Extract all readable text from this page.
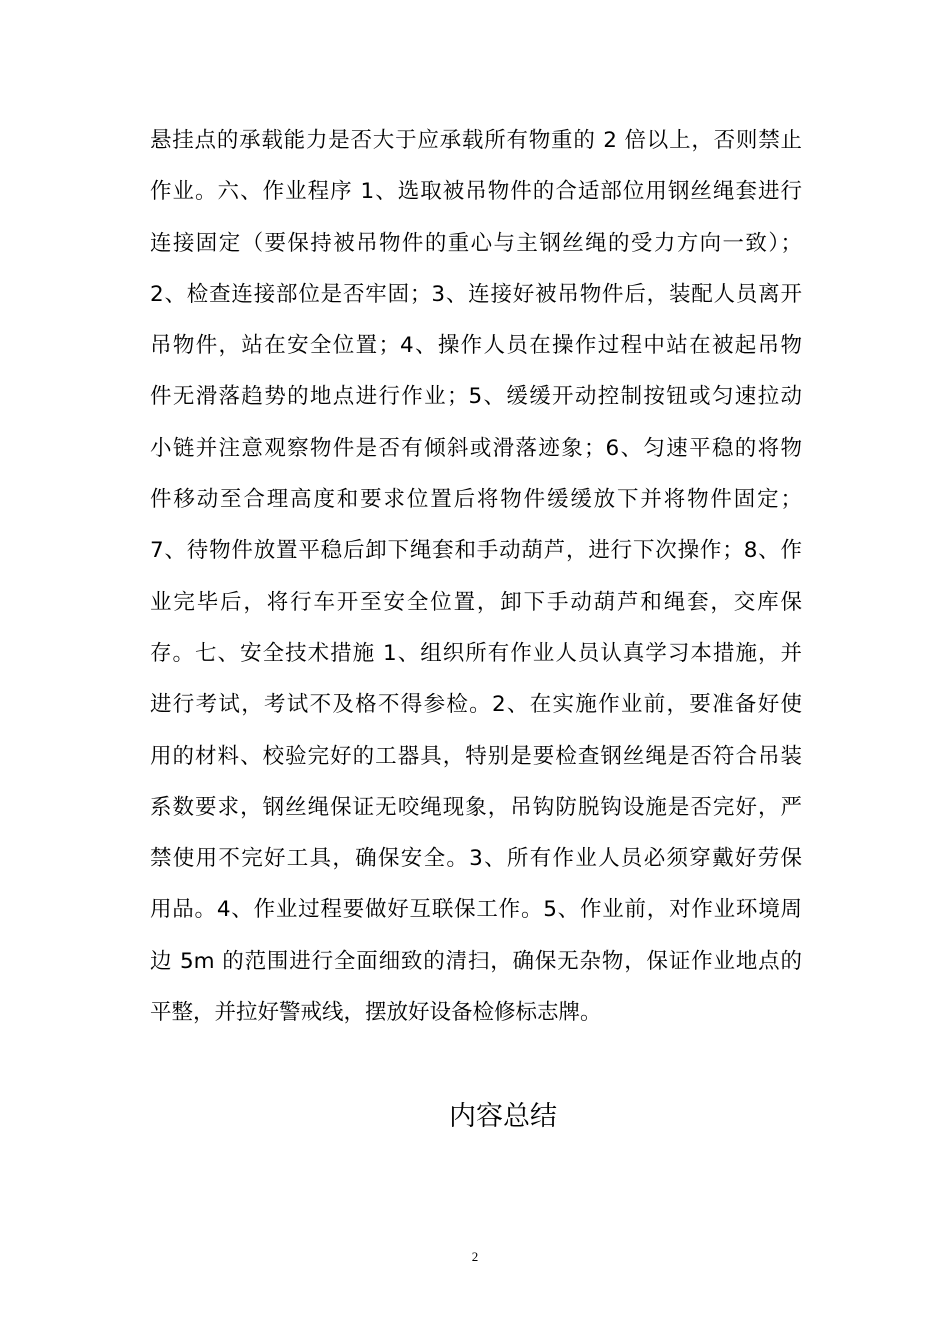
悬挂点的承载能力是否大于应承载所有物重的 2 倍以上，否则禁止
作业。六、作业程序 1、选取被吊物件的合适部位用钢丝绳套进行
连接固定（要保持被吊物件的重心与主钢丝绳的受力方向一致）；
2、检查连接部位是否牢固；3、连接好被吊物件后，装配人员离开
吊物件，站在安全位置；4、操作人员在操作过程中站在被起吊物
件无滑落趋势的地点进行作业；5、缓缓开动控制按钮或匀速拉动
小链并注意观察物件是否有倾斜或滑落迹象；6、匀速平稳的将物
件移动至合理高度和要求位置后将物件缓缓放下并将物件固定；
7、待物件放置平稳后卸下绳套和手动葫芦，进行下次操作；8、作
业完毕后，将行车开至安全位置，卸下手动葫芦和绳套，交库保
存。七、安全技术措施 1、组织所有作业人员认真学习本措施，并
进行考试，考试不及格不得参检。2、在实施作业前，要准备好使
用的材料、校验完好的工器具，特别是要检查钢丝绳是否符合吊装
系数要求，钢丝绳保证无咬绳现象，吊钩防脱钩设施是否完好，严
禁使用不完好工具，确保安全。3、所有作业人员必须穿戴好劳保
用品。4、作业过程要做好互联保工作。5、作业前，对作业环境周
边 5m 的范围进行全面细致的清扫，确保无杂物，保证作业地点的
平整，并拉好警戒线，摆放好设备检修标志牌。
内容总结
2
